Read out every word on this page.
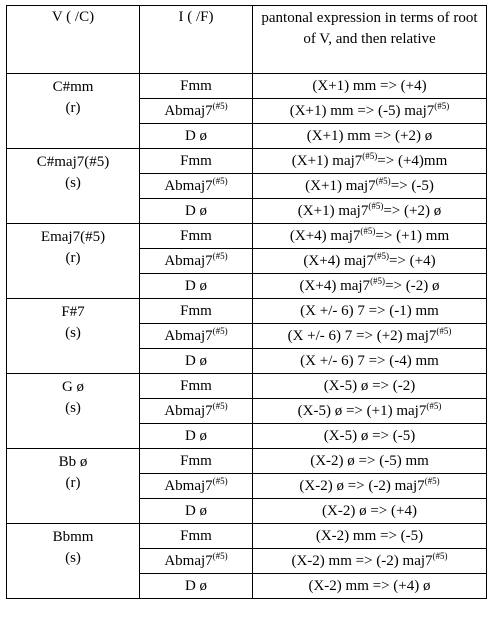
V ( /C)	I ( /F)	pantonal expression in terms of root of V, and then relative
C#mm
(r)	Fmm	(X+1) mm => (+4)
	$Abmaj7^{(\#5)}$	(X+1) mm => (-5) $maj7^{(\#5)}$
	D ø	(X+1) mm => (+2) ø
C#maj7(#5)
(s)	Fmm	(X+1) $maj7^{(\#5)}=> (+4)mm$
	$Abmaj7^{(\#5)}$	(X+1) $maj7^{(\#5)}=> (-5)$
	D ø	(X+1) $maj7^{(\#5)}=> (+2)$ ø
Emaj7(#5)
(r)	Fmm	(X+4) $maj7^{(\#5)}=> (+1)$ mm
	$Abmaj7^{(\#5)}$	(X+4) $maj7^{(\#5)}=> (+4)$
	D ø	(X+4) $maj7^{(\#5)}=> (-2)$ ø
F#7
(s)	Fmm	(X +/- 6) 7 => (-1) mm
	$Abmaj7^{(\#5)}$	(X +/- 6) 7 => (+2) $maj7^{(\#5)}$
	D ø	(X +/- 6) 7 => (-4) mm
G ø
(s)	Fmm	(X-5) ø => (-2)
	$Abmaj7^{(\#5)}$	(X-5) ø => (+1) $maj7^{(\#5)}$
	D ø	(X-5) ø => (-5)
Bb ø
(r)	Fmm	(X-2) ø => (-5) mm
	$Abmaj7^{(\#5)}$	(X-2) ø => (-2) $maj7^{(\#5)}$
	D ø	(X-2) ø => (+4)
Bbmm
(s)	Fmm	(X-2) mm => (-5)
	$Abmaj7^{(\#5)}$	(X-2) mm => (-2) $maj7^{(\#5)}$
	D ø	(X-2) mm => (+4) ø
